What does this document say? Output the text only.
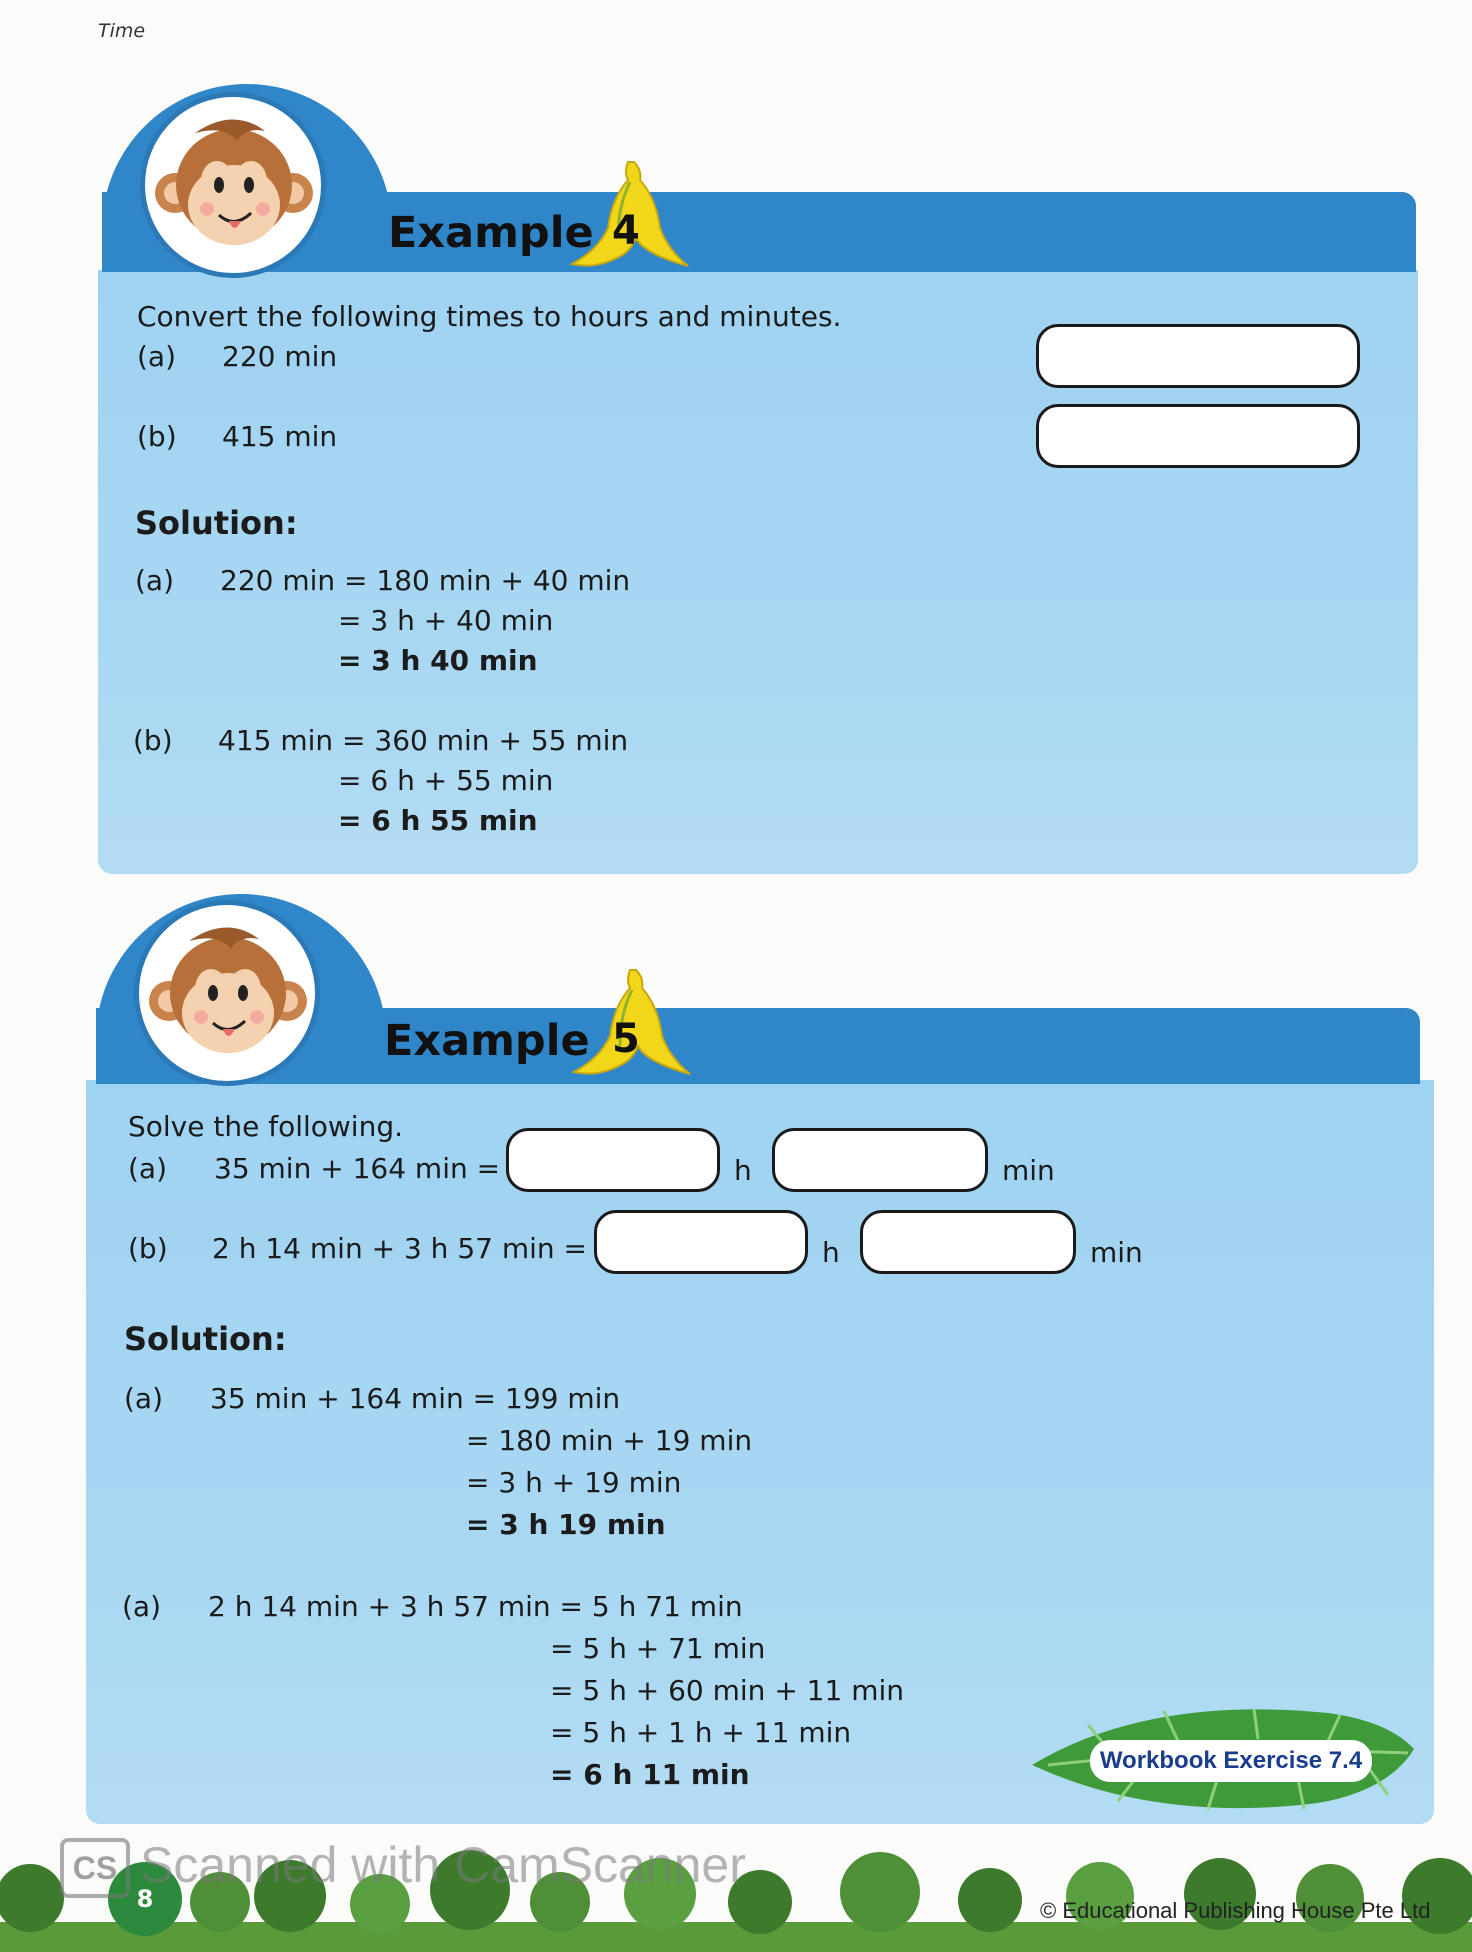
Time
Example 4
Convert the following times to hours and minutes.
(a) 220 min
(b) 415 min
Solution:
(a) 220 min = 180 min + 40 min
= 3 h + 40 min
= 3 h 40 min
(b) 415 min = 360 min + 55 min
= 6 h + 55 min
= 6 h 55 min
Example 5
Solve the following.
(a) 35 min + 164 min =	h	min
(b) 2 h 14 min + 3 h 57 min =	h	min
Solution:
(a) 35 min + 164 min = 199 min
= 180 min + 19 min
= 3 h + 19 min
= 3 h 19 min
(a) 2 h 14 min + 3 h 57 min = 5 h 71 min
= 5 h + 71 min
= 5 h + 60 min + 11 min
= 5 h + 1 h + 11 min
= 6 h 11 min	Workbook Exercise 7.4
8	© Educational Publishing House Pte Ltd
CS Scanned with CamScanner
